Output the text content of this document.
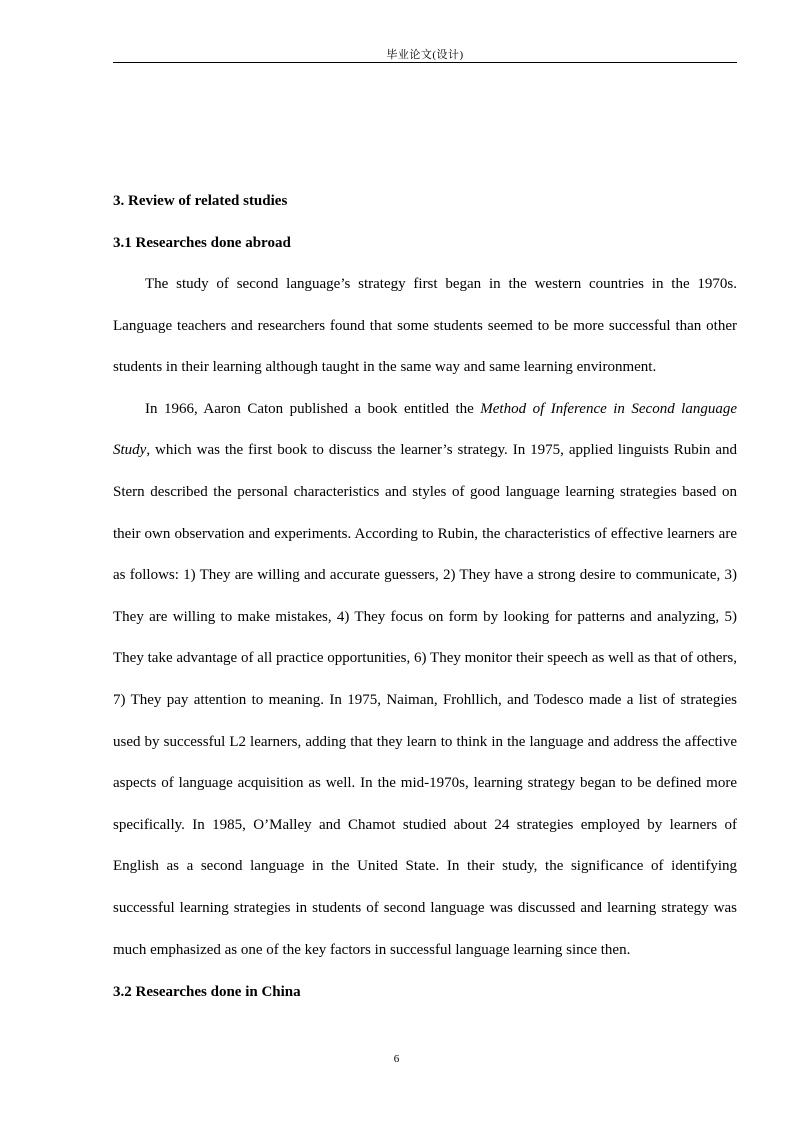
毕业论文(设计)

3. Review of related studies

3.1 Researches done abroad

The study of second language’s strategy first began in the western countries in the 1970s. Language teachers and researchers found that some students seemed to be more successful than other students in their learning although taught in the same way and same learning environment.

In 1966, Aaron Caton published a book entitled the Method of Inference in Second language Study, which was the first book to discuss the learner’s strategy. In 1975, applied linguists Rubin and Stern described the personal characteristics and styles of good language learning strategies based on their own observation and experiments. According to Rubin, the characteristics of effective learners are as follows: 1) They are willing and accurate guessers, 2) They have a strong desire to communicate, 3) They are willing to make mistakes, 4) They focus on form by looking for patterns and analyzing, 5) They take advantage of all practice opportunities, 6) They monitor their speech as well as that of others, 7) They pay attention to meaning. In 1975, Naiman, Frohllich, and Todesco made a list of strategies used by successful L2 learners, adding that they learn to think in the language and address the affective aspects of language acquisition as well. In the mid-1970s, learning strategy began to be defined more specifically. In 1985, O’Malley and Chamot studied about 24 strategies employed by learners of English as a second language in the United State. In their study, the significance of identifying successful learning strategies in students of second language was discussed and learning strategy was much emphasized as one of the key factors in successful language learning since then.

3.2 Researches done in China

6
